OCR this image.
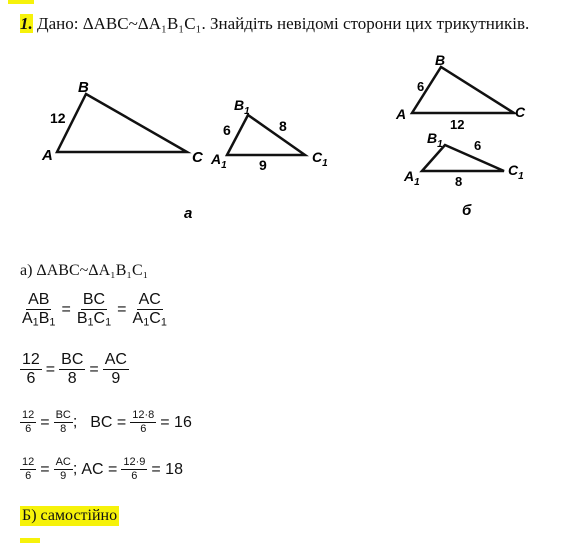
1. Дано: ΔABC~ΔA₁B₁C₁. Знайдіть невідомі сторони цих трикутників.
A
B
C
12
$A_1$
$B_1$
$C_1$
6	8
9
а
A
B
C
6
12
$A_1$
$B_1$
$C_1$
6
8
б
а) ΔABC~ΔA₁B₁C₁
$\frac{AB}{A_1B_1} = \frac{BC}{B_1C_1} = \frac{AC}{A_1C_1}$
$\frac{12}{6} = \frac{BC}{8} = \frac{AC}{9}$
$\frac{12}{6} = \frac{BC}{8}$ ; BC = $\frac{12\cdot 8}{6} = 16$
$\frac{12}{6} = \frac{AC}{9}$ ; AC = $\frac{12\cdot 9}{6} = 18$
Б) самостійно
